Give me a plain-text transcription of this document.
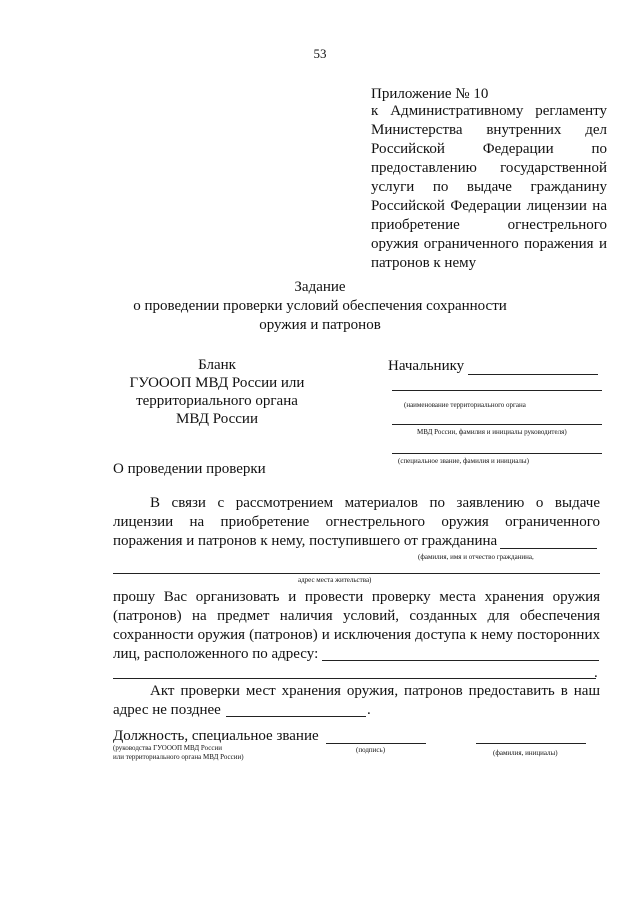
53
Приложение № 10
к Административному регламенту Министерства внутренних дел Российской Федерации по предоставлению государственной услуги по выдаче гражданину Российской Федерации лицензии на приобретение огнестрельного оружия ограниченного поражения и патронов к нему
Задание
о проведении проверки условий обеспечения сохранности
оружия и патронов
Бланк
ГУОООП МВД России или
территориального органа
МВД России
Начальнику
(наименование территориального органа
МВД России, фамилия и инициалы руководителя)
(специальное звание, фамилия и инициалы)
О проведении проверки
В связи с рассмотрением материалов по заявлению о выдаче
лицензии на приобретение огнестрельного оружия ограниченного
поражения и патронов к нему, поступившего от гражданина
(фамилия, имя и отчество гражданина,
адрес места жительства)
прошу Вас организовать и провести проверку места хранения оружия
(патронов) на предмет наличия условий, созданных для обеспечения
сохранности оружия (патронов) и исключения доступа к нему посторонних
лиц, расположенного по адресу:
.
Акт проверки мест хранения оружия, патронов предоставить в наш
адрес не позднее	.
Должность, специальное звание
(руководства ГУОООП МВД России
или территориального органа МВД России)
(подпись)	(фамилия, инициалы)
